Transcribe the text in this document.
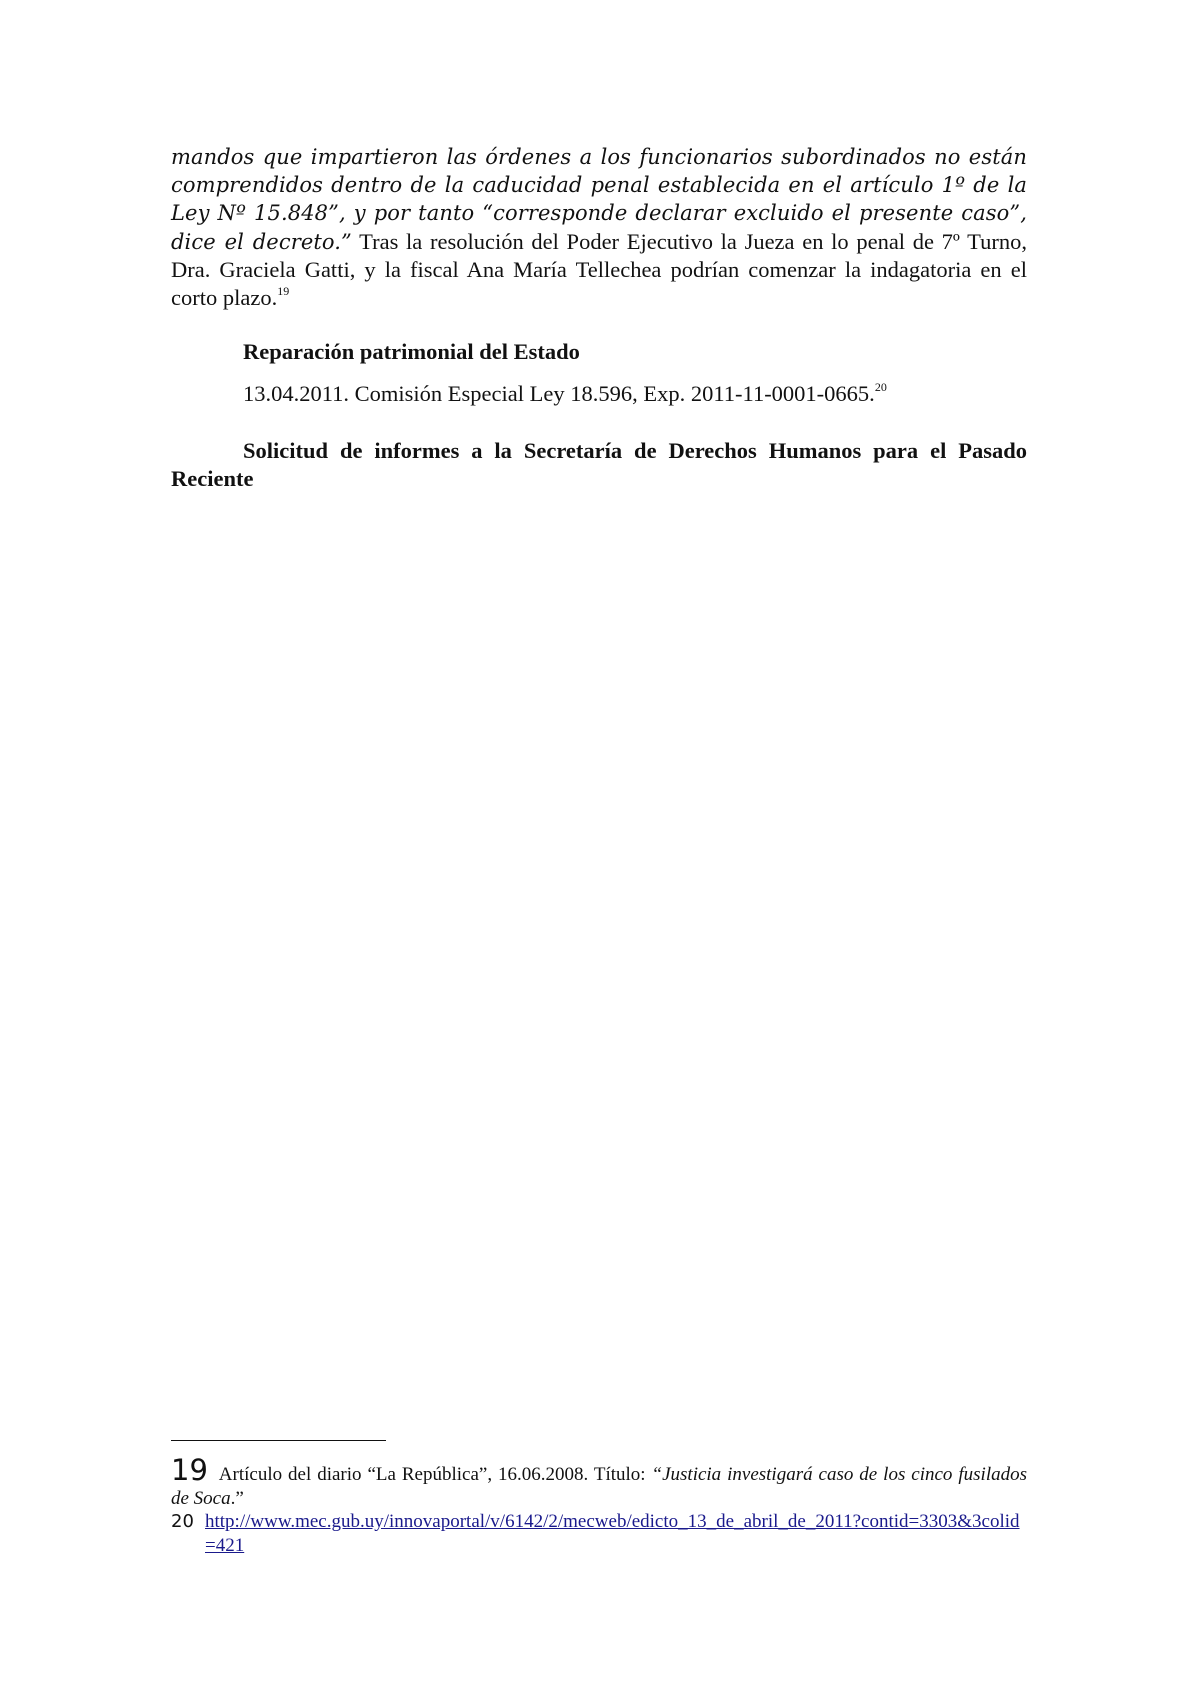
mandos que impartieron las órdenes a los funcionarios subordinados no están comprendidos dentro de la caducidad penal establecida en el artículo 1º de la Ley Nº 15.848”, y por tanto “corresponde declarar excluido el presente caso”, dice el decreto.” Tras la resolución del Poder Ejecutivo la Jueza en lo penal de 7º Turno, Dra. Graciela Gatti, y la fiscal Ana María Tellechea podrían comenzar la indagatoria en el corto plazo.$^{19}$

Reparación patrimonial del Estado
13.04.2011. Comisión Especial Ley 18.596, Exp. 2011-11-0001-0665.20
Solicitud de informes a la Secretaría de Derechos Humanos para el Pasado Reciente
19 Artículo del diario “La República”, 16.06.2008. Título: “Justicia investigará caso de los cinco fusilados de Soca.”
20 http://www.mec.gub.uy/innovaportal/v/6142/2/mecweb/edicto_13_de_abril_de_2011?contid=3303&3colid=421
